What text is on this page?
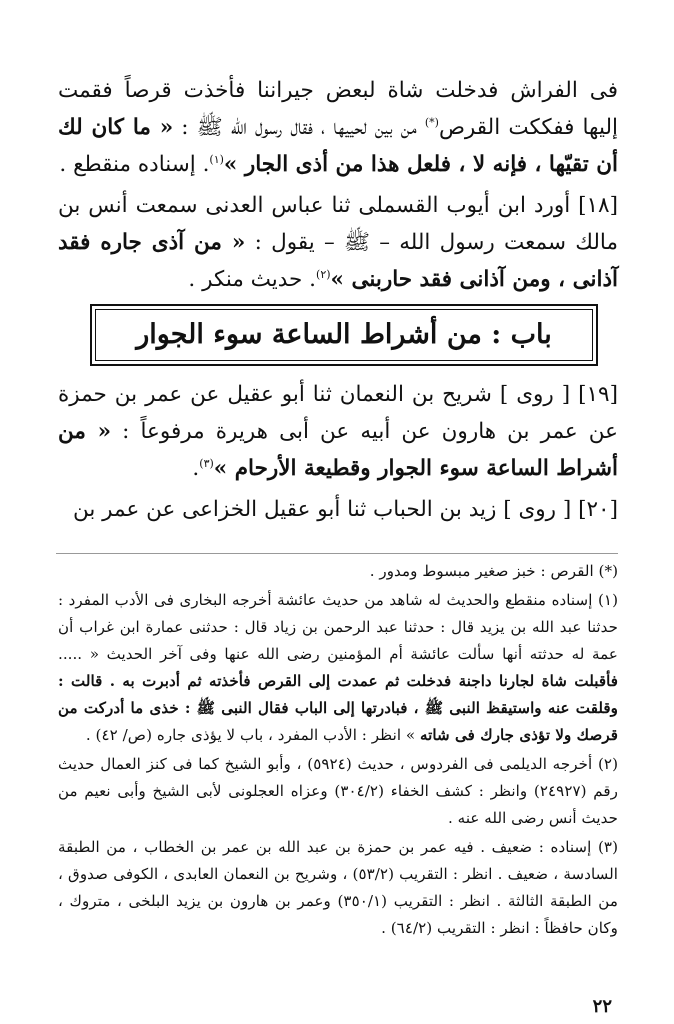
فى الفراش فدخلت شاة لبعض جيراننا فأخذت قرصاً فقمت إليها ففككت القرص(*) من بين لحييها ، فقال رسول الله ﷺ : « ما كان لك أن تقيّها ، فإنه لا ، فلعل هذا من أذى الجار »$^{(١)}$. إسناده منقطع .

[١٨] أورد ابن أيوب القسملى ثنا عباس العدنى سمعت أنس بن مالك سمعت رسول الله – ﷺ – يقول : « من آذى جاره فقد آذانى ، ومن آذانى فقد حاربنى »$^{(٢)}$. حديث منكر .

باب : من أشراط الساعة سوء الجوار

[١٩] [ روى ] شريح بن النعمان ثنا أبو عقيل عن عمر بن حمزة عن عمر بن هارون عن أبيه عن أبى هريرة مرفوعاً : « من أشراط الساعة سوء الجوار وقطيعة الأرحام »$^{(٣)}$.

[٢٠] [ روى ] زيد بن الحباب ثنا أبو عقيل الخزاعى عن عمر بن

(*) القرص : خبز صغير مبسوط ومدور .

(١) إسناده منقطع والحديث له شاهد من حديث عائشة أخرجه البخارى فى الأدب المفرد : حدثنا عبد الله بن يزيد قال : حدثنا عبد الرحمن بن زياد قال : حدثنى عمارة ابن غراب أن عمة له حدثته أنها سألت عائشة أم المؤمنين رضى الله عنها وفى آخر الحديث « ..... فأقبلت شاة لجارنا داجنة فدخلت ثم عمدت إلى القرص فأخذته ثم أدبرت به . قالت : وقلقت عنه واستيقظ النبى ﷺ ، فبادرتها إلى الباب فقال النبى ﷺ : خذى ما أدركت من قرصك ولا تؤذى جارك فى شاته » انظر : الأدب المفرد ، باب لا يؤذى جاره (ص/ ٤٢) .

(٢) أخرجه الديلمى فى الفردوس ، حديث (٥٩٢٤) ، وأبو الشيخ كما فى كنز العمال حديث رقم (٢٤٩٢٧) وانظر : كشف الخفاء (٣٠٤/٢) وعزاه العجلونى لأبى الشيخ وأبى نعيم من حديث أنس رضى الله عنه .

(٣) إسناده : ضعيف . فيه عمر بن حمزة بن عبد الله بن عمر بن الخطاب ، من الطبقة السادسة ، ضعيف . انظر : التقريب (٥٣/٢) ، وشريح بن النعمان العابدى ، الكوفى صدوق ، من الطبقة الثالثة . انظر : التقريب (٣٥٠/١) وعمر بن هارون بن يزيد البلخى ، متروك ، وكان حافظاً : انظر : التقريب (٦٤/٢) .

٢٢
